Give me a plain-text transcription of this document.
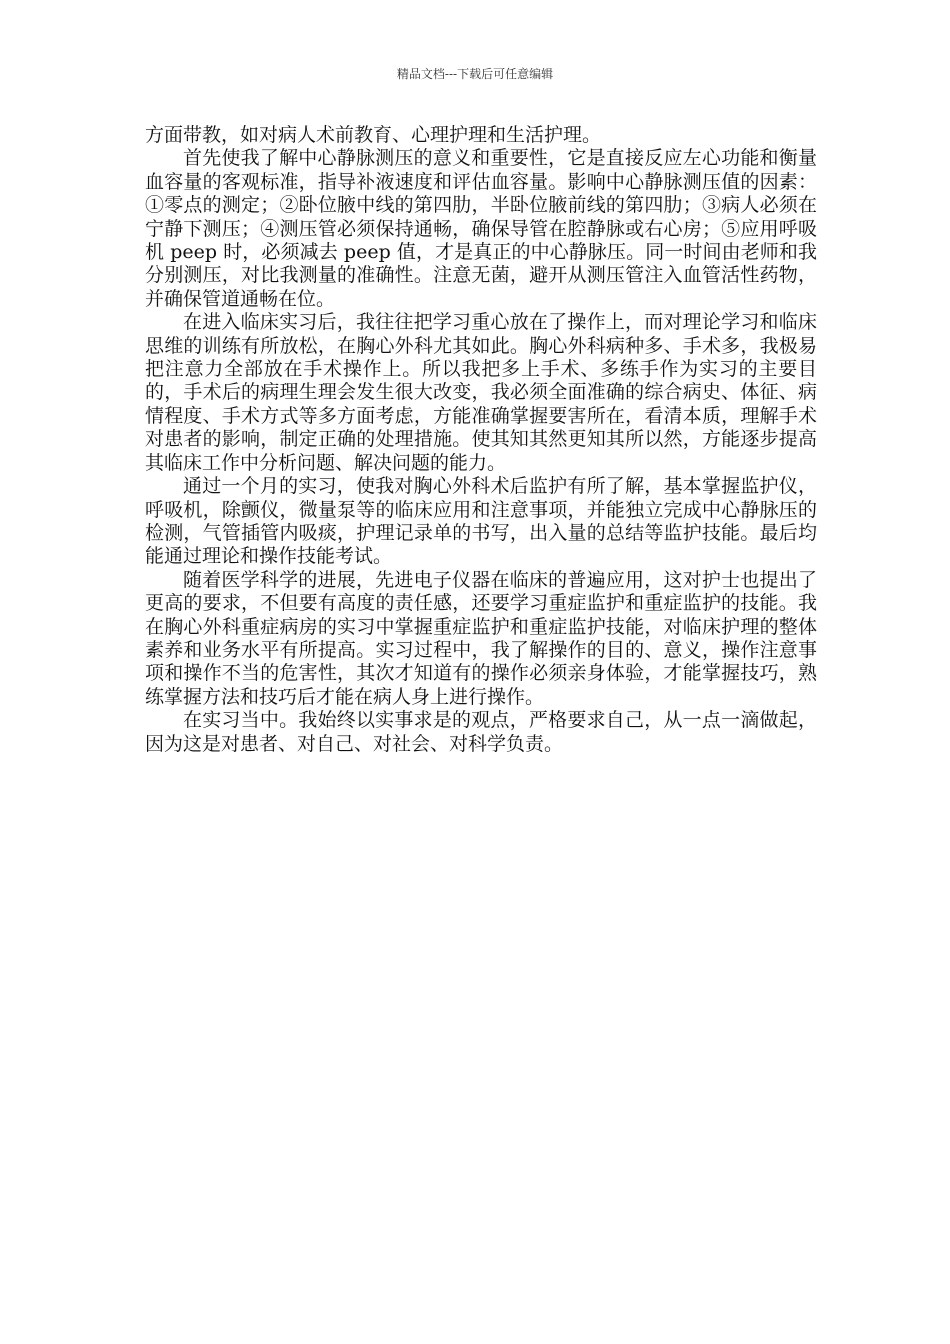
精品文档---下载后可任意编辑

方面带教，如对病人术前教育、心理护理和生活护理。

首先使我了解中心静脉测压的意义和重要性，它是直接反应左心功能和衡量血容量的客观标准，指导补液速度和评估血容量。影响中心静脉测压值的因素：①零点的测定；②卧位腋中线的第四肋，半卧位腋前线的第四肋；③病人必须在宁静下测压；④测压管必须保持通畅，确保导管在腔静脉或右心房；⑤应用呼吸机 peep 时，必须减去 peep 值，才是真正的中心静脉压。同一时间由老师和我分别测压，对比我测量的准确性。注意无菌，避开从测压管注入血管活性药物，并确保管道通畅在位。

在进入临床实习后，我往往把学习重心放在了操作上，而对理论学习和临床思维的训练有所放松，在胸心外科尤其如此。胸心外科病种多、手术多，我极易把注意力全部放在手术操作上。所以我把多上手术、多练手作为实习的主要目的，手术后的病理生理会发生很大改变，我必须全面准确的综合病史、体征、病情程度、手术方式等多方面考虑，方能准确掌握要害所在，看清本质，理解手术对患者的影响，制定正确的处理措施。使其知其然更知其所以然，方能逐步提高其临床工作中分析问题、解决问题的能力。

通过一个月的实习，使我对胸心外科术后监护有所了解，基本掌握监护仪，呼吸机，除颤仪，微量泵等的临床应用和注意事项，并能独立完成中心静脉压的检测，气管插管内吸痰，护理记录单的书写，出入量的总结等监护技能。最后均能通过理论和操作技能考试。

随着医学科学的进展，先进电子仪器在临床的普遍应用，这对护士也提出了更高的要求，不但要有高度的责任感，还要学习重症监护和重症监护的技能。我在胸心外科重症病房的实习中掌握重症监护和重症监护技能，对临床护理的整体素养和业务水平有所提高。实习过程中，我了解操作的目的、意义，操作注意事项和操作不当的危害性，其次才知道有的操作必须亲身体验，才能掌握技巧，熟练掌握方法和技巧后才能在病人身上进行操作。

在实习当中。我始终以实事求是的观点，严格要求自己，从一点一滴做起，因为这是对患者、对自己、对社会、对科学负责。
